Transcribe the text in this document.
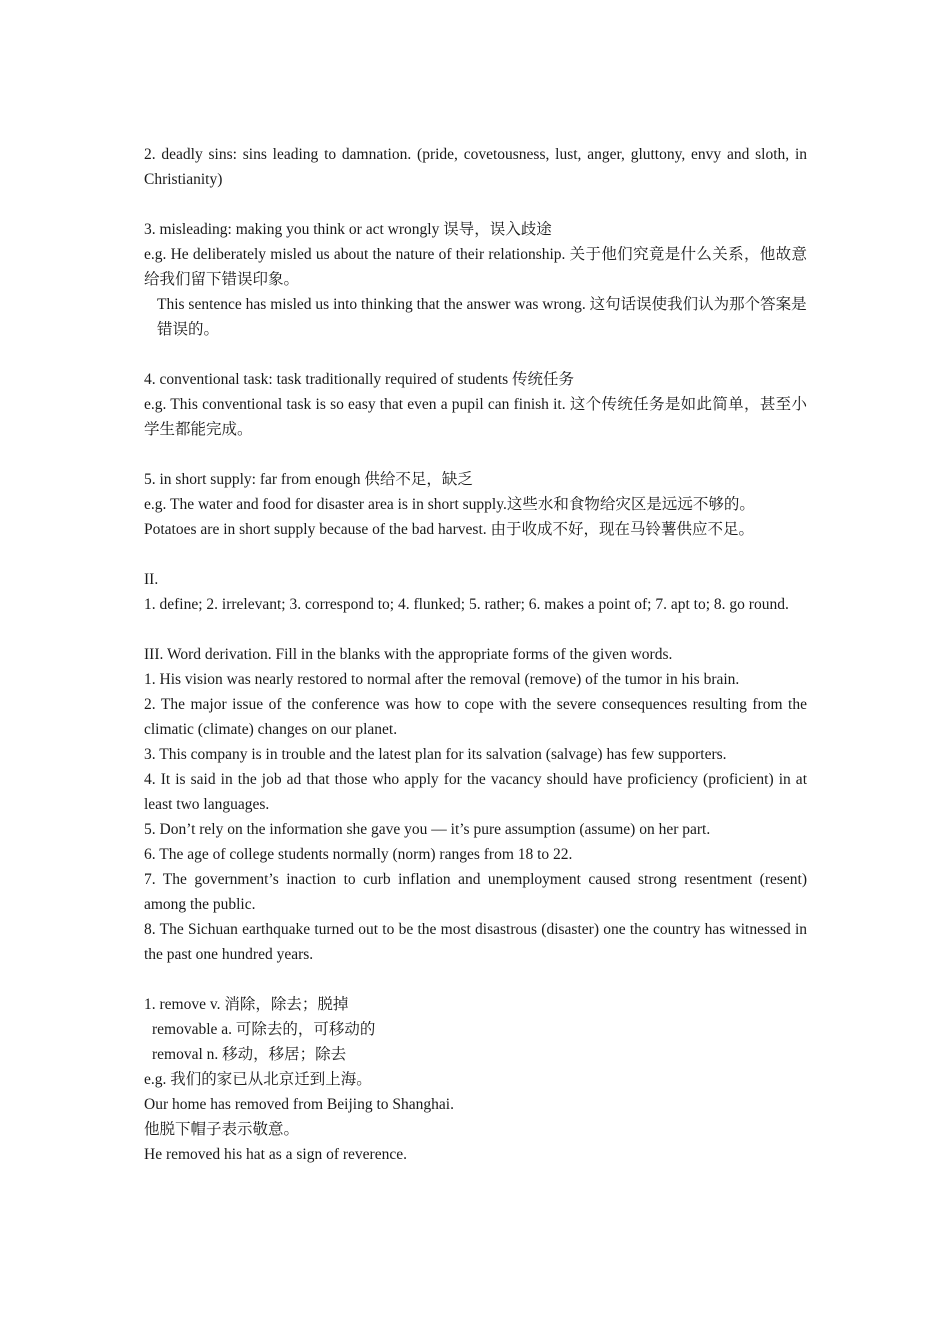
2. deadly sins: sins leading to damnation. (pride, covetousness, lust, anger, gluttony, envy and sloth, in Christianity)

3. misleading: making you think or act wrongly 误导，误入歧途

e.g. He deliberately misled us about the nature of their relationship. 关于他们究竟是什么关系，他故意给我们留下错误印象。

This sentence has misled us into thinking that the answer was wrong. 这句话误使我们认为那个答案是错误的。

4. conventional task: task traditionally required of students 传统任务

e.g. This conventional task is so easy that even a pupil can finish it. 这个传统任务是如此简单，甚至小学生都能完成。

5. in short supply: far from enough 供给不足，缺乏

e.g. The water and food for disaster area is in short supply.这些水和食物给灾区是远远不够的。

Potatoes are in short supply because of the bad harvest. 由于收成不好，现在马铃薯供应不足。

II.

1. define; 2. irrelevant; 3. correspond to; 4. flunked; 5. rather; 6. makes a point of; 7. apt to; 8. go round.

III. Word derivation. Fill in the blanks with the appropriate forms of the given words.

1. His vision was nearly restored to normal after the removal (remove) of the tumor in his brain.

2. The major issue of the conference was how to cope with the severe consequences resulting from the climatic (climate) changes on our planet.

3. This company is in trouble and the latest plan for its salvation (salvage) has few supporters.

4. It is said in the job ad that those who apply for the vacancy should have proficiency (proficient) in at least two languages.

5. Don’t rely on the information she gave you — it’s pure assumption (assume) on her part.

6. The age of college students normally (norm) ranges from 18 to 22.

7. The government’s inaction to curb inflation and unemployment caused strong resentment (resent) among the public.

8. The Sichuan earthquake turned out to be the most disastrous (disaster) one the country has witnessed in the past one hundred years.

1. remove v. 消除，除去；脱掉

removable a. 可除去的，可移动的

removal n. 移动，移居；除去

e.g. 我们的家已从北京迁到上海。

Our home has removed from Beijing to Shanghai.

他脱下帽子表示敬意。

He removed his hat as a sign of reverence.
